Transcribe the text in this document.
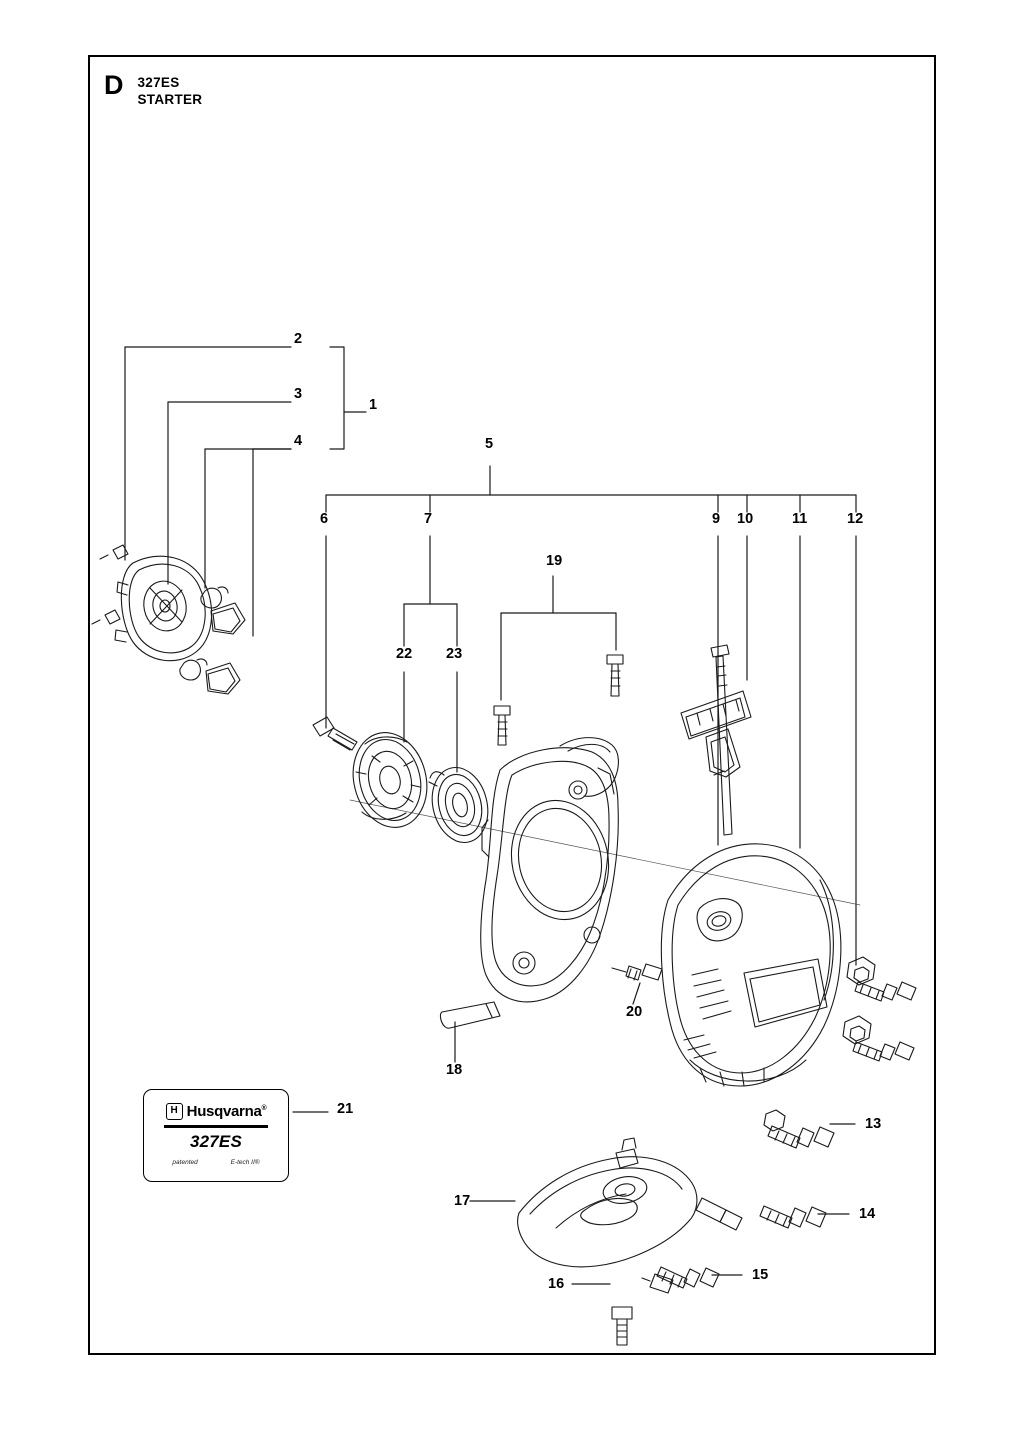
D 327ES
STARTER
1
2
3
4	5
6	7	9 10	11	12
13
14
15
16
17
18
19
20
21
22 23
H Husqvarna®
327ES
patented	E-tech II®
